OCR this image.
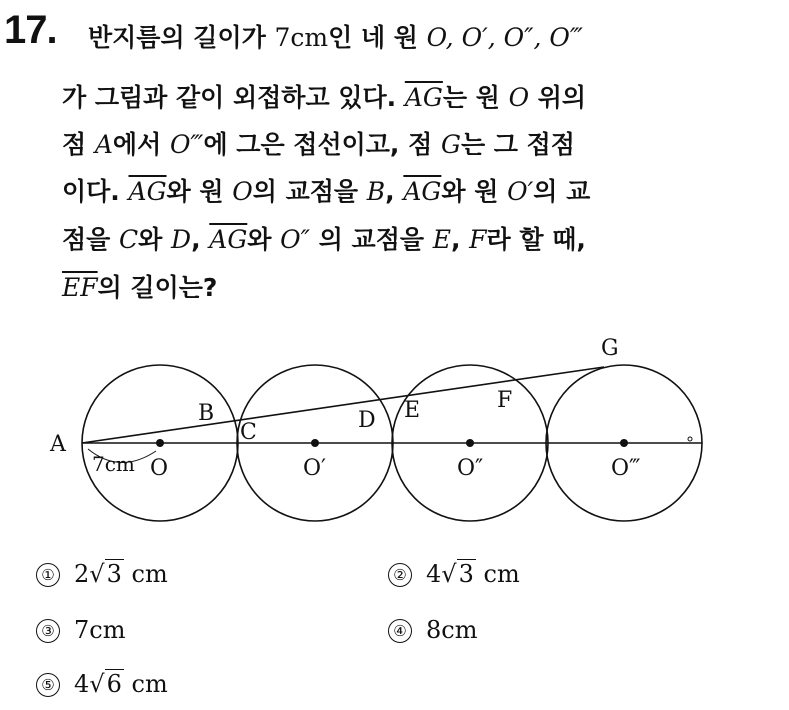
17. 반지름의 길이가 7cm인 네 원 O, O′, O″, O‴
가 그림과 같이 외접하고 있다. $\overline{AG}$는 원 O 위의
점 A에서 O‴에 그은 접선이고, 점 G는 그 접점
이다. $\overline{AG}$와 원 O의 교점을 B, $\overline{AG}$와 원 O′의 교
점을 C와 D, $\overline{AG}$와 O″ 의 교점을 E, F라 할 때,
$\overline{EF}$의 길이는?
A
B
C	D E	F
G
7cm O	O′	O″	O‴
① 2√3 cm	② 4√3 cm
③ 7cm	④ 8cm
⑤ 4√6 cm
